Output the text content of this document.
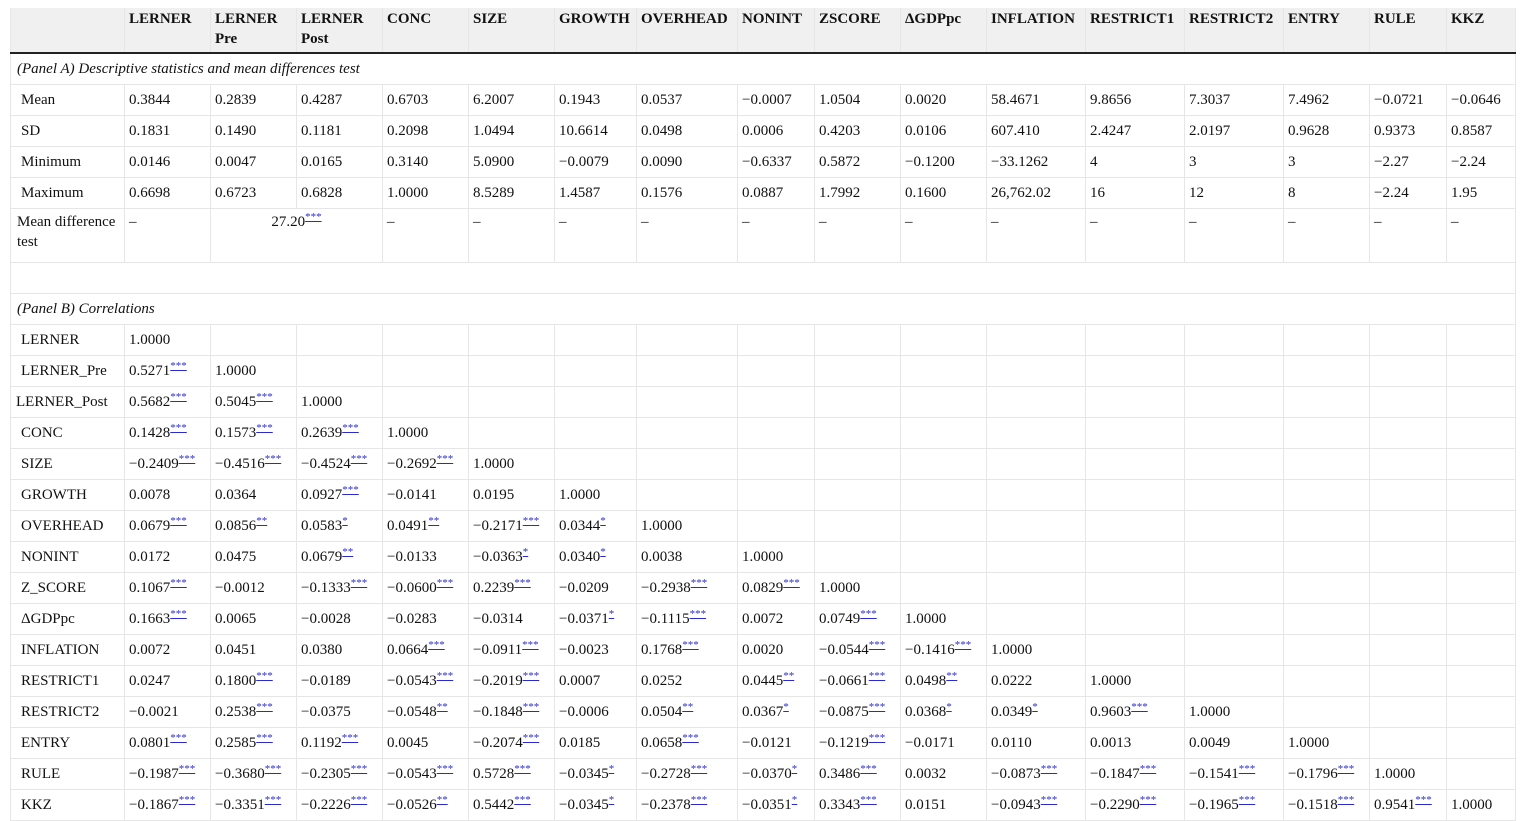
	LERNER	LERNER Pre	LERNER Post	CONC	SIZE	GROWTH	OVERHEAD	NONINT	ZSCORE	ΔGDPpc	INFLATION	RESTRICT1	RESTRICT2	ENTRY	RULE	KKZ
(Panel A) Descriptive statistics and mean differences test																
Mean	0.3844	0.2839	0.4287	0.6703	6.2007	0.1943	0.0537	−0.0007	1.0504	0.0020	58.4671	9.8656	7.3037	7.4962	−0.0721	−0.0646
SD	0.1831	0.1490	0.1181	0.2098	1.0494	10.6614	0.0498	0.0006	0.4203	0.0106	607.410	2.4247	2.0197	0.9628	0.9373	0.8587
Minimum	0.0146	0.0047	0.0165	0.3140	5.0900	−0.0079	0.0090	−0.6337	0.5872	−0.1200	−33.1262	4	3	3	−2.27	−2.24
Maximum	0.6698	0.6723	0.6828	1.0000	8.5289	1.4587	0.1576	0.0887	1.7992	0.1600	26,762.02	16	12	8	−2.24	1.95
Mean difference test	–	27.20***		–	–	–	–	–	–	–	–	–	–	–	–	–

(Panel B) Correlations																
LERNER	1.0000															
LERNER_Pre	0.5271***	1.0000														
LERNER_Post	0.5682***	0.5045***	1.0000													
CONC	0.1428***	0.1573***	0.2639***	1.0000												
SIZE	−0.2409***	−0.4516***	−0.4524***	−0.2692***	1.0000											
GROWTH	0.0078	0.0364	0.0927***	−0.0141	0.0195	1.0000										
OVERHEAD	0.0679***	0.0856**	0.0583*	0.0491**	−0.2171***	0.0344*	1.0000									
NONINT	0.0172	0.0475	0.0679**	−0.0133	−0.0363*	0.0340*	0.0038	1.0000								
Z_SCORE	0.1067***	−0.0012	−0.1333***	−0.0600***	0.2239***	−0.0209	−0.2938***	0.0829***	1.0000							
ΔGDPpc	0.1663***	0.0065	−0.0028	−0.0283	−0.0314	−0.0371*	−0.1115***	0.0072	0.0749***	1.0000						
INFLATION	0.0072	0.0451	0.0380	0.0664***	−0.0911***	−0.0023	0.1768***	0.0020	−0.0544***	−0.1416***	1.0000					
RESTRICT1	0.0247	0.1800***	−0.0189	−0.0543***	−0.2019***	0.0007	0.0252	0.0445**	−0.0661***	0.0498**	0.0222	1.0000				
RESTRICT2	−0.0021	0.2538***	−0.0375	−0.0548**	−0.1848***	−0.0006	0.0504**	0.0367*	−0.0875***	0.0368*	0.0349*	0.9603***	1.0000			
ENTRY	0.0801***	0.2585***	0.1192***	0.0045	−0.2074***	0.0185	0.0658***	−0.0121	−0.1219***	−0.0171	0.0110	0.0013	0.0049	1.0000		
RULE	−0.1987***	−0.3680***	−0.2305***	−0.0543***	0.5728***	−0.0345*	−0.2728***	−0.0370*	0.3486***	0.0032	−0.0873***	−0.1847***	−0.1541***	−0.1796***	1.0000	
KKZ	−0.1867***	−0.3351***	−0.2226***	−0.0526**	0.5442***	−0.0345*	−0.2378***	−0.0351*	0.3343***	0.0151	−0.0943***	−0.2290***	−0.1965***	−0.1518***	0.9541***	1.0000
